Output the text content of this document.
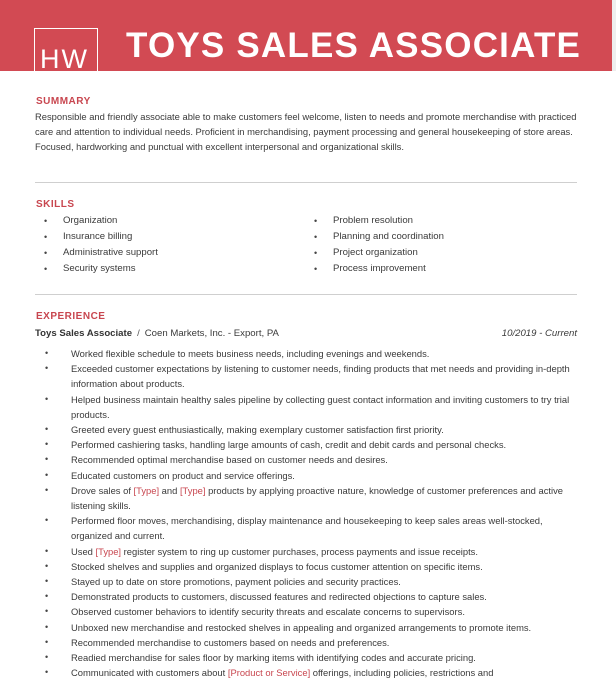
HW TOYS SALES ASSOCIATE
SUMMARY
Responsible and friendly associate able to make customers feel welcome, listen to needs and promote merchandise with practiced care and attention to individual needs. Proficient in merchandising, payment processing and general housekeeping of store areas. Focused, hardworking and punctual with excellent interpersonal and organizational skills.
SKILLS
• Organization
• Insurance billing
• Administrative support
• Security systems
• Problem resolution
• Planning and coordination
• Project organization
• Process improvement
EXPERIENCE
Toys Sales Associate / Coen Markets, Inc. - Export, PA	10/2019 - Current
• Worked flexible schedule to meets business needs, including evenings and weekends.
• Exceeded customer expectations by listening to customer needs, finding products that met needs and providing in-depth information about products.
• Helped business maintain healthy sales pipeline by collecting guest contact information and inviting customers to try trial products.
• Greeted every guest enthusiastically, making exemplary customer satisfaction first priority.
• Performed cashiering tasks, handling large amounts of cash, credit and debit cards and personal checks.
• Recommended optimal merchandise based on customer needs and desires.
• Educated customers on product and service offerings.
• Drove sales of [Type] and [Type] products by applying proactive nature, knowledge of customer preferences and active listening skills.
• Performed floor moves, merchandising, display maintenance and housekeeping to keep sales areas well-stocked, organized and current.
• Used [Type] register system to ring up customer purchases, process payments and issue receipts.
• Stocked shelves and supplies and organized displays to focus customer attention on specific items.
• Stayed up to date on store promotions, payment policies and security practices.
• Demonstrated products to customers, discussed features and redirected objections to capture sales.
• Observed customer behaviors to identify security threats and escalate concerns to supervisors.
• Unboxed new merchandise and restocked shelves in appealing and organized arrangements to promote items.
• Recommended merchandise to customers based on needs and preferences.
• Readied merchandise for sales floor by marking items with identifying codes and accurate pricing.
• Communicated with customers about [Product or Service] offerings, including policies, restrictions and
